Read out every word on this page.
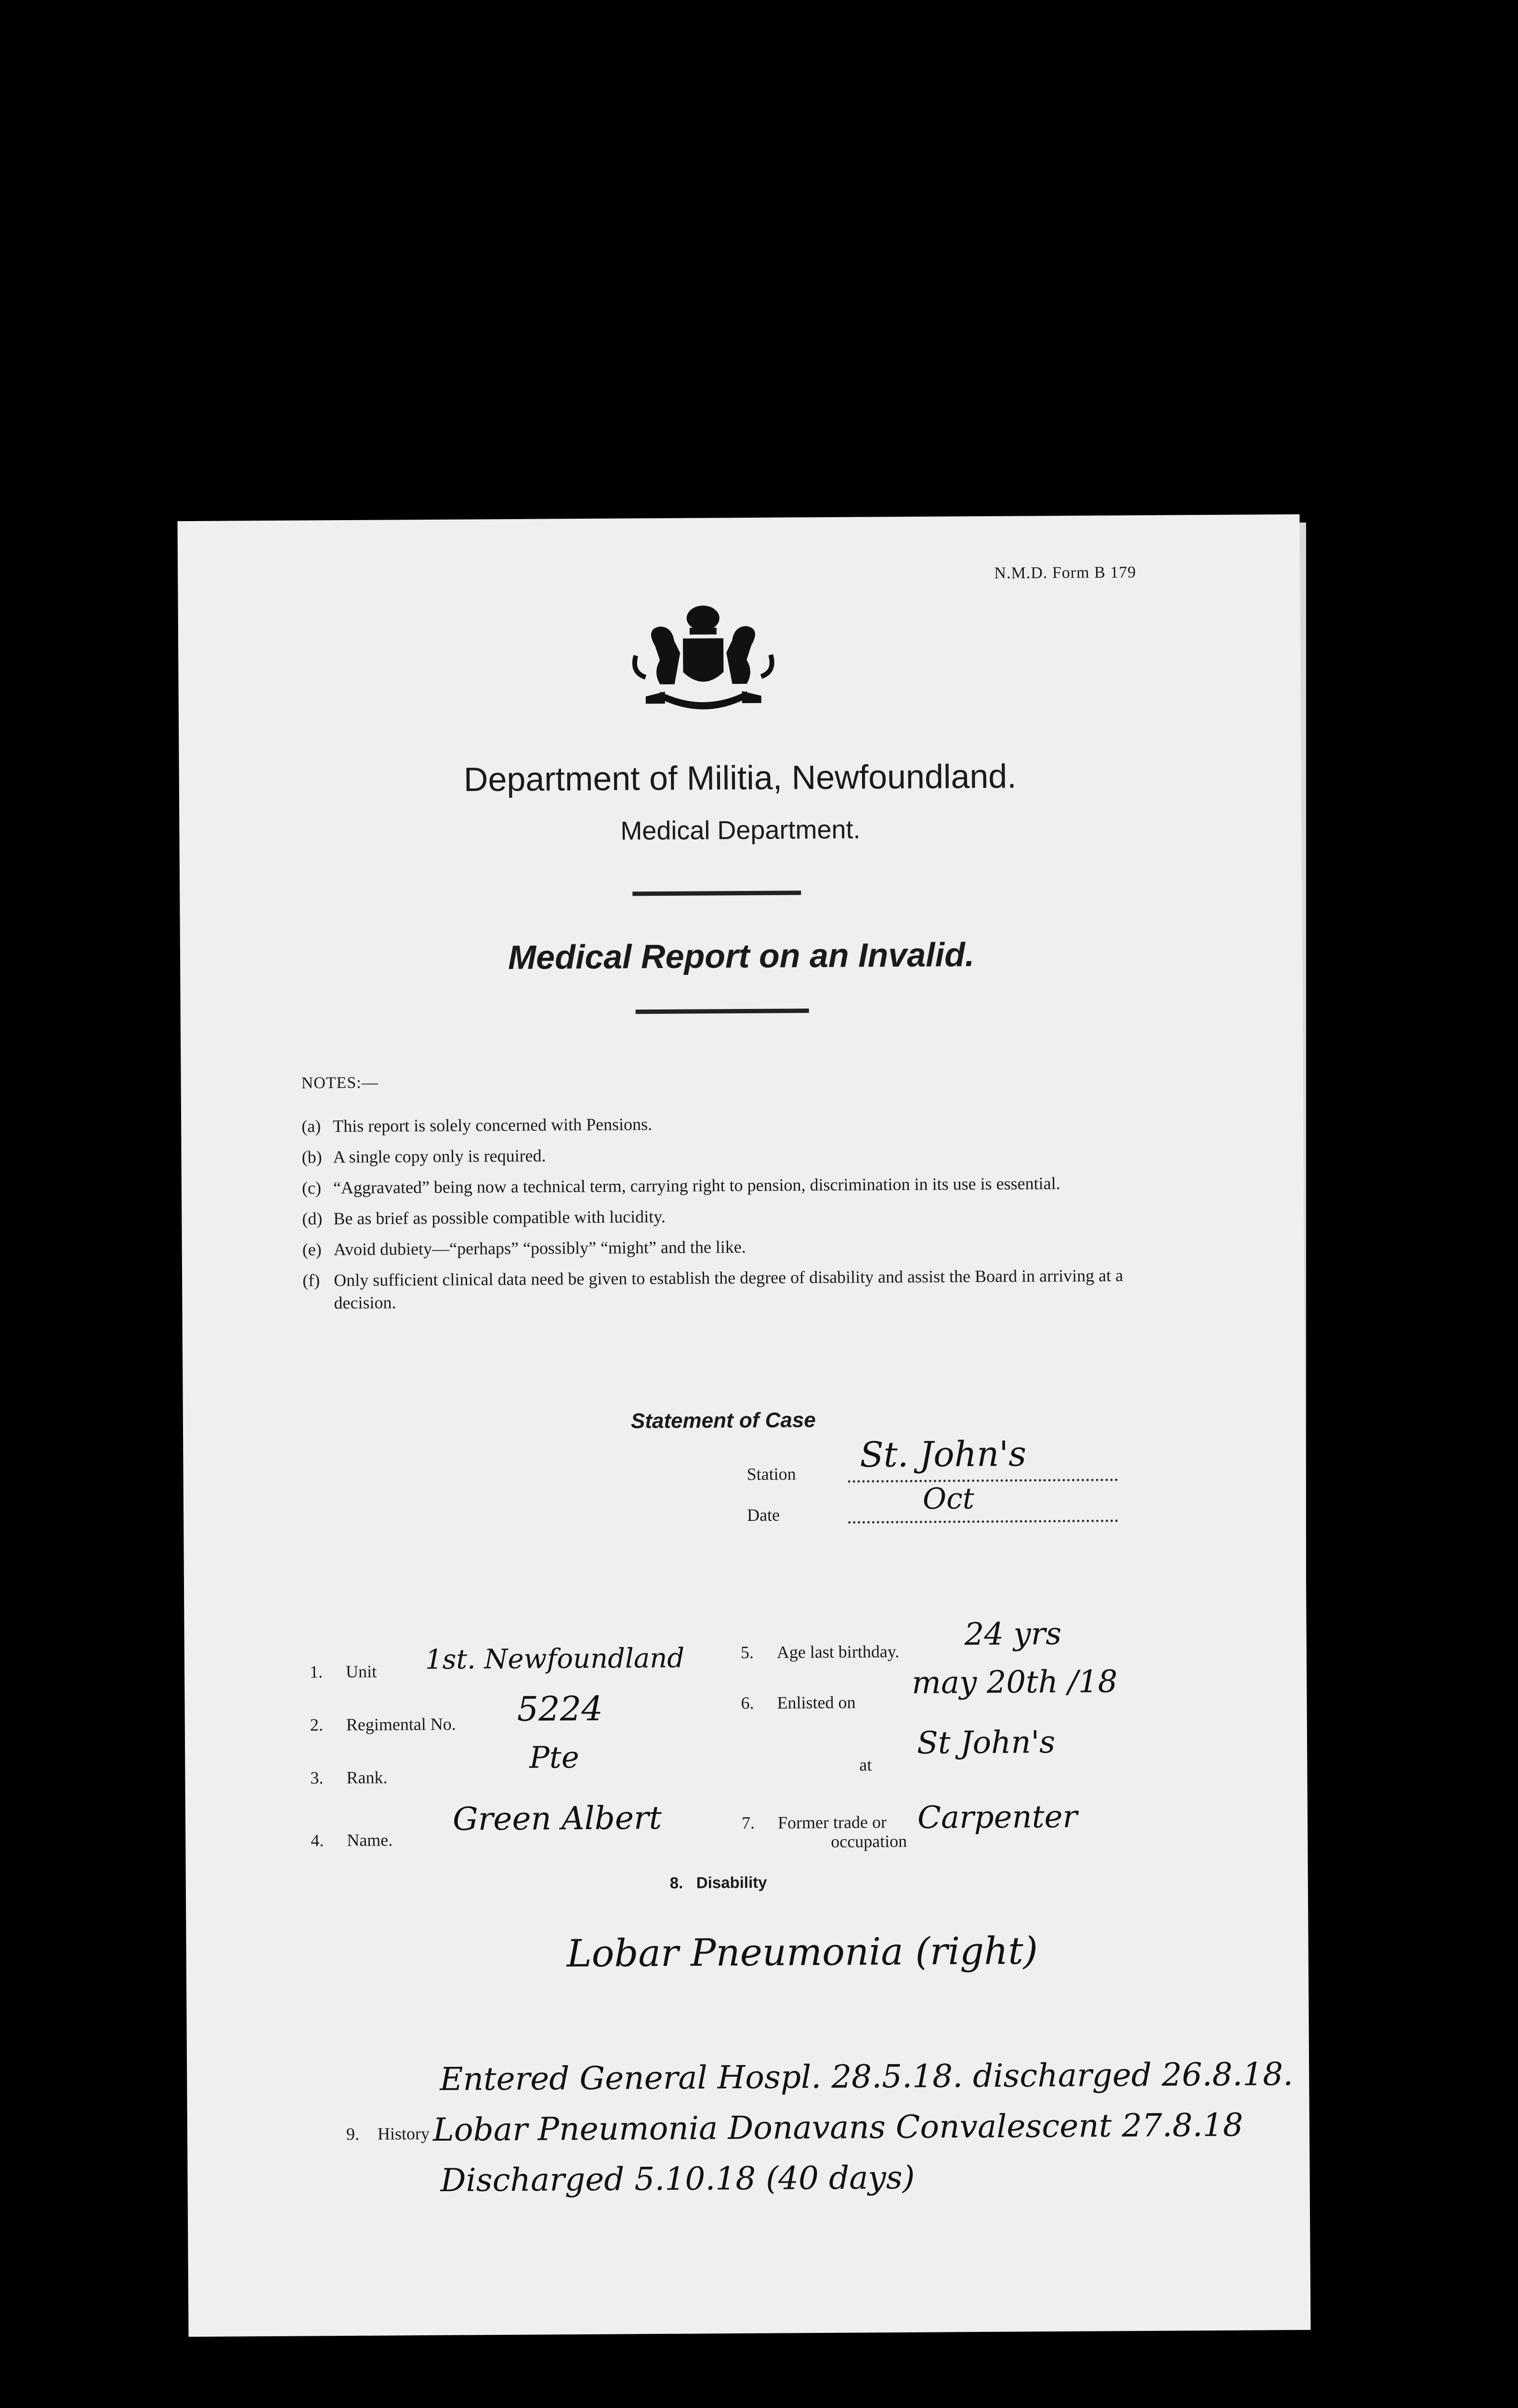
N.M.D. Form B 179
Department of Militia, Newfoundland.
Medical Department.
Medical Report on an Invalid.
NOTES:—
(a) This report is solely concerned with Pensions.
(b) A single copy only is required.
(c) “Aggravated” being now a technical term, carrying right to pension, discrimination in its use is essential.
(d) Be as brief as possible compatible with lucidity.
(e) Avoid dubiety—“perhaps” “possibly” “might” and the like.
(f) Only sufficient clinical data need be given to establish the degree of disability and assist the Board in arriving at a decision.
Statement of Case
Station St. John's
Date	Oct
1. Unit 1st. Newfoundland
2. Regimental No. 5224
3. Rank.
Pte
4. Name.
Green Albert
5. Age last birthday. 24 yrs
6. Enlisted on
may 20th /18
at
St John's
7. Former trade or
occupation
Carpenter
8. Disability
Lobar Pneumonia (right)
9. History
Entered General Hospl. 28.5.18. discharged 26.8.18.
Lobar Pneumonia Donavans Convalescent 27.8.18
Discharged 5.10.18 (40 days)
